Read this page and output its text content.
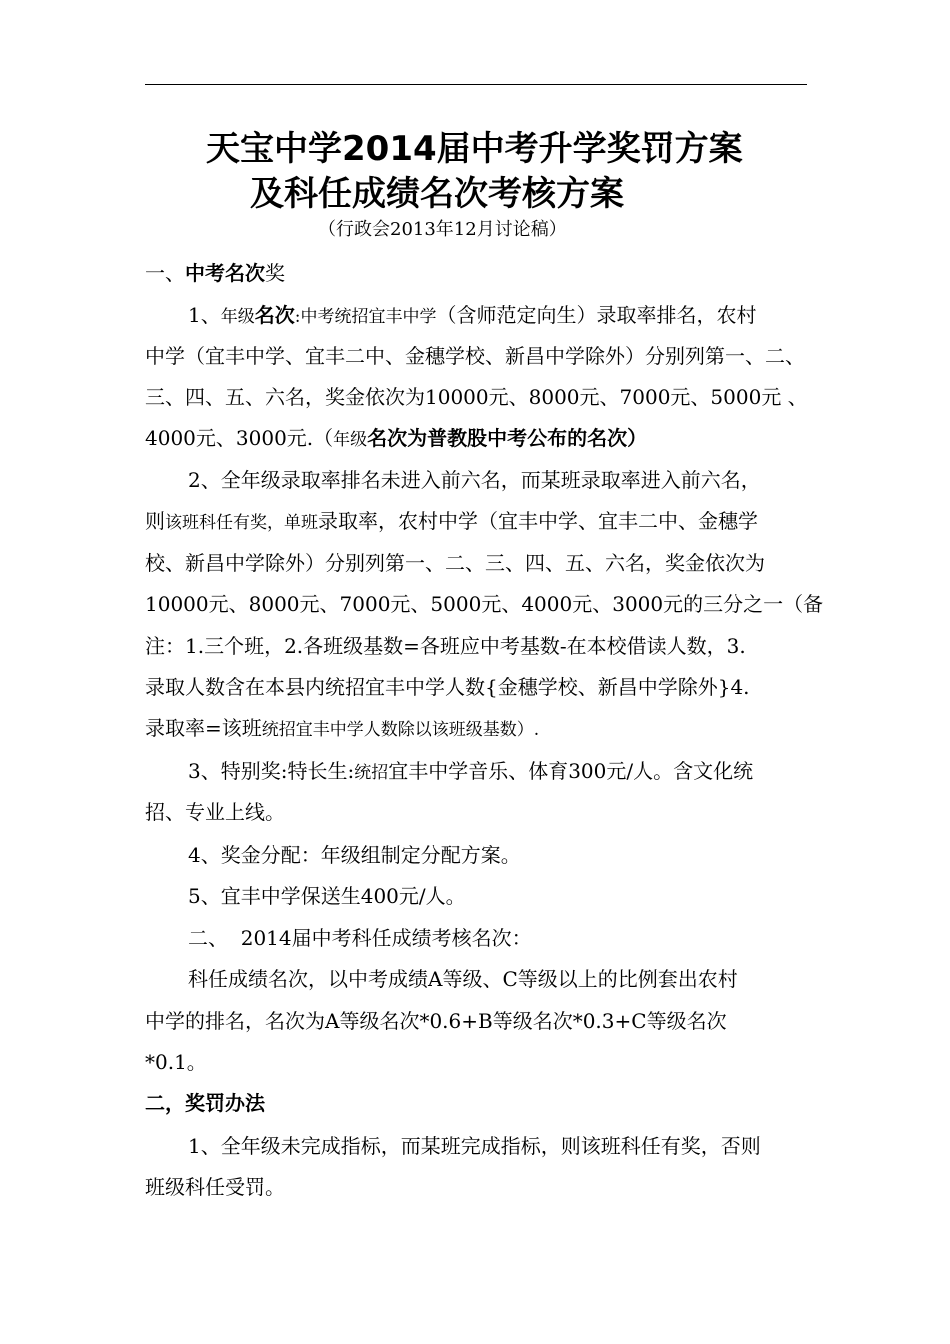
天宝中学2014届中考升学奖罚方案
及科任成绩名次考核方案
（行政会2013年12月讨论稿）
一、中考名次奖
1、年级名次:中考统招宜丰中学（含师范定向生）录取率排名，农村
中学（宜丰中学、宜丰二中、金穗学校、新昌中学除外）分别列第一、二、
三、四、五、六名，奖金依次为10000元、8000元、7000元、5000元 、
4000元、3000元.（年级名次为普教股中考公布的名次）
2、全年级录取率排名未进入前六名，而某班录取率进入前六名，
则该班科任有奖，单班录取率，农村中学（宜丰中学、宜丰二中、金穗学
校、新昌中学除外）分别列第一、二、三、四、五、六名，奖金依次为
10000元、8000元、7000元、5000元、4000元、3000元的三分之一（备
注：1.三个班，2.各班级基数=各班应中考基数-在本校借读人数，3.
录取人数含在本县内统招宜丰中学人数{金穗学校、新昌中学除外}4.
录取率=该班统招宜丰中学人数除以该班级基数）.
3、特别奖:特长生:统招宜丰中学音乐、体育300元/人。含文化统
招、专业上线。
4、奖金分配：年级组制定分配方案。
5、宜丰中学保送生400元/人。
二、  2014届中考科任成绩考核名次：
科任成绩名次，以中考成绩A等级、C等级以上的比例套出农村
中学的排名，名次为A等级名次*0.6+B等级名次*0.3+C等级名次
*0.1。
二，奖罚办法
1、全年级未完成指标，而某班完成指标，则该班科任有奖，否则
班级科任受罚。
